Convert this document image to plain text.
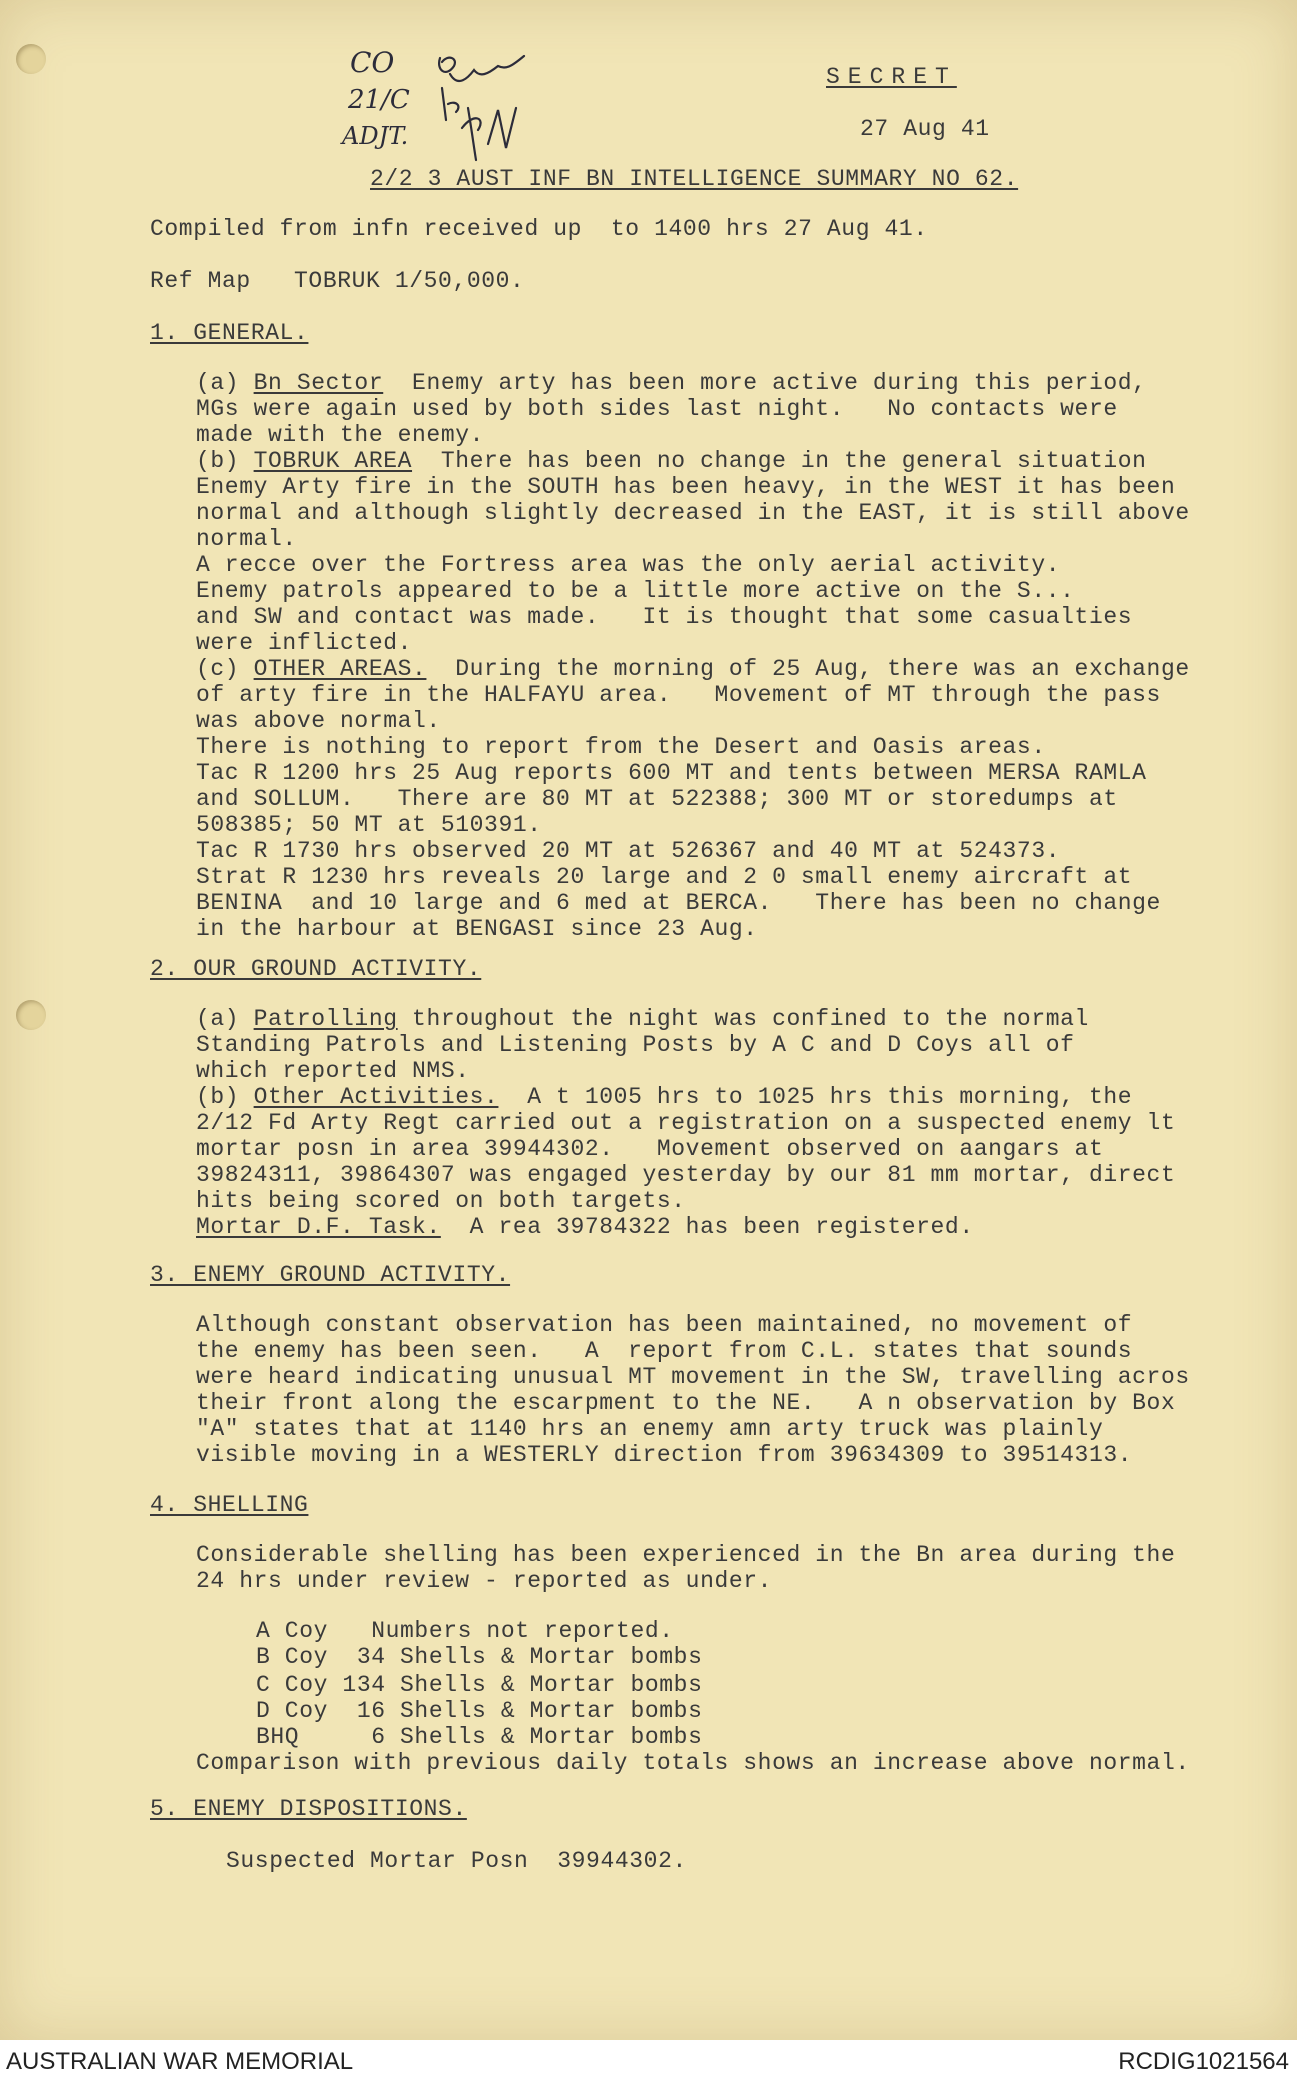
CO
21/C
ADJT.
SECRET
27 Aug 41
2/2 3 AUST INF BN INTELLIGENCE SUMMARY NO 62.
Compiled from infn received up  to 1400 hrs 27 Aug 41.
Ref Map   TOBRUK 1/50,000.
1. GENERAL.
(a) Bn Sector  Enemy arty has been more active during this period,
MGs were again used by both sides last night.   No contacts were
made with the enemy.
(b) TOBRUK AREA  There has been no change in the general situation
Enemy Arty fire in the SOUTH has been heavy, in the WEST it has been
normal and although slightly decreased in the EAST, it is still above
normal.
A recce over the Fortress area was the only aerial activity.
Enemy patrols appeared to be a little more active on the S...
and SW and contact was made.   It is thought that some casualties
were inflicted.
(c) OTHER AREAS.  During the morning of 25 Aug, there was an exchange
of arty fire in the HALFAYU area.   Movement of MT through the pass
was above normal.
There is nothing to report from the Desert and Oasis areas.
Tac R 1200 hrs 25 Aug reports 600 MT and tents between MERSA RAMLA
and SOLLUM.   There are 80 MT at 522388; 300 MT or storedumps at
508385; 50 MT at 510391.
Tac R 1730 hrs observed 20 MT at 526367 and 40 MT at 524373.
Strat R 1230 hrs reveals 20 large and 2 0 small enemy aircraft at
BENINA  and 10 large and 6 med at BERCA.   There has been no change
in the harbour at BENGASI since 23 Aug.
2. OUR GROUND ACTIVITY.
(a) Patrolling throughout the night was confined to the normal
Standing Patrols and Listening Posts by A C and D Coys all of
which reported NMS.
(b) Other Activities.  A t 1005 hrs to 1025 hrs this morning, the
2/12 Fd Arty Regt carried out a registration on a suspected enemy lt
mortar posn in area 39944302.   Movement observed on aangars at
39824311, 39864307 was engaged yesterday by our 81 mm mortar, direct
hits being scored on both targets.
Mortar D.F. Task.  A rea 39784322 has been registered.
3. ENEMY GROUND ACTIVITY.
Although constant observation has been maintained, no movement of
the enemy has been seen.   A  report from C.L. states that sounds
were heard indicating unusual MT movement in the SW, travelling acros
their front along the escarpment to the NE.   A n observation by Box
"A" states that at 1140 hrs an enemy amn arty truck was plainly
visible moving in a WESTERLY direction from 39634309 to 39514313.
4. SHELLING
Considerable shelling has been experienced in the Bn area during the
24 hrs under review - reported as under.
A Coy   Numbers not reported.
B Coy  34 Shells & Mortar bombs
C Coy 134 Shells & Mortar bombs
D Coy  16 Shells & Mortar bombs
BHQ     6 Shells & Mortar bombs
Comparison with previous daily totals shows an increase above normal.
5. ENEMY DISPOSITIONS.
Suspected Mortar Posn  39944302.
AUSTRALIAN WAR MEMORIAL	RCDIG1021564
